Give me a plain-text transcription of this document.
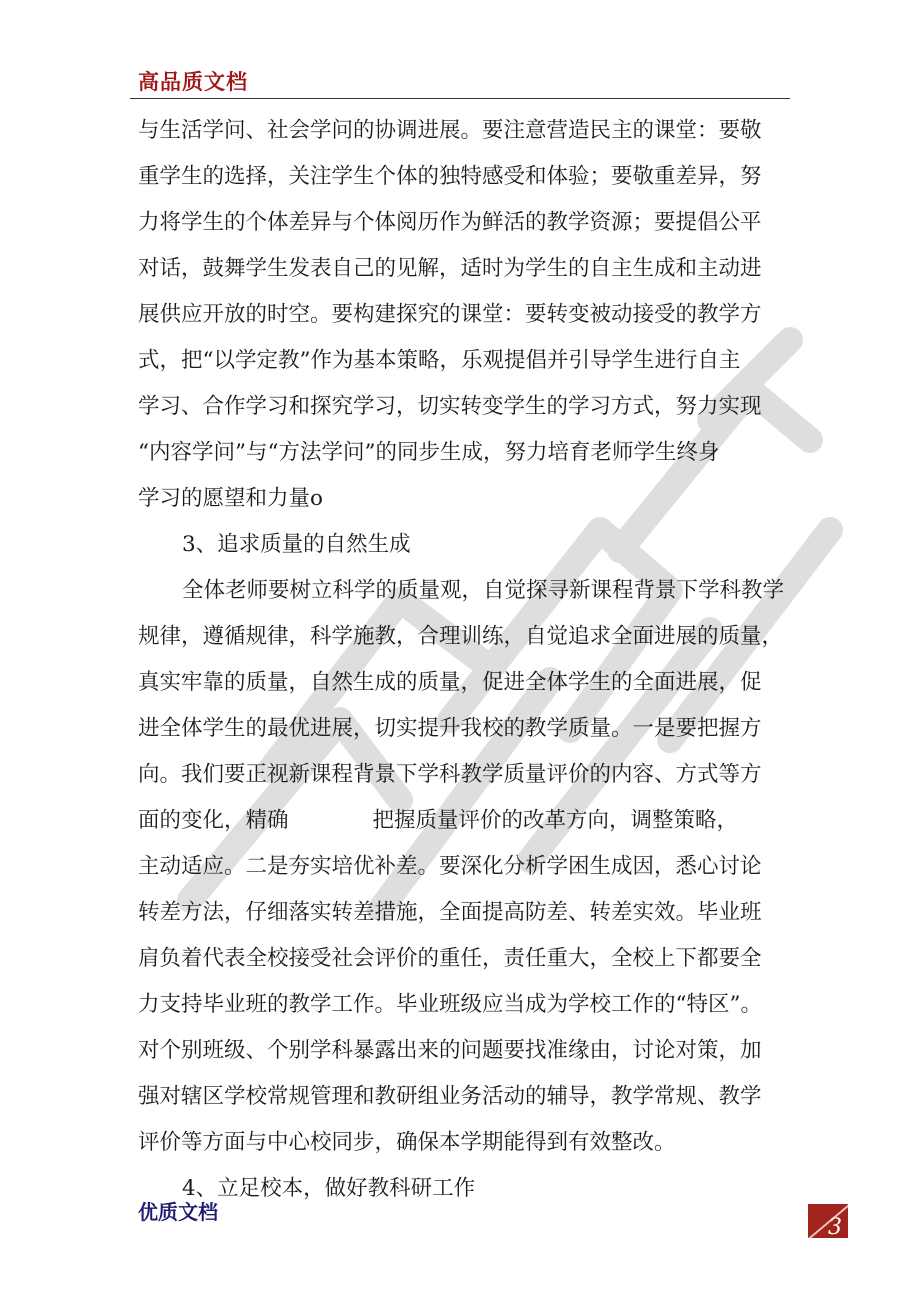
高品质文档
与生活学问、社会学问的协调进展。要注意营造民主的课堂：要敬
重学生的选择，关注学生个体的独特感受和体验；要敬重差异，努
力将学生的个体差异与个体阅历作为鲜活的教学资源；要提倡公平
对话，鼓舞学生发表自己的见解，适时为学生的自主生成和主动进
展供应开放的时空。要构建探究的课堂：要转变被动接受的教学方
式，把“以学定教”作为基本策略，乐观提倡并引导学生进行自主
学习、合作学习和探究学习，切实转变学生的学习方式，努力实现
“内容学问”与“方法学问”的同步生成，努力培育老师学生终身
学习的愿望和力量o
3、追求质量的自然生成
全体老师要树立科学的质量观，自觉探寻新课程背景下学科教学
规律，遵循规律，科学施教，合理训练，自觉追求全面进展的质量，
真实牢靠的质量，自然生成的质量，促进全体学生的全面进展，促
进全体学生的最优进展，切实提升我校的教学质量。一是要把握方
向。我们要正视新课程背景下学科教学质量评价的内容、方式等方
面的变化，精确	把握质量评价的改革方向，调整策略，
主动适应。二是夯实培优补差。要深化分析学困生成因，悉心讨论
转差方法，仔细落实转差措施，全面提高防差、转差实效。毕业班
肩负着代表全校接受社会评价的重任，责任重大，全校上下都要全
力支持毕业班的教学工作。毕业班级应当成为学校工作的“特区”。
对个别班级、个别学科暴露出来的问题要找准缘由，讨论对策，加
强对辖区学校常规管理和教研组业务活动的辅导，教学常规、教学
评价等方面与中心校同步，确保本学期能得到有效整改。
4、立足校本，做好教科研工作
优质文档
3
